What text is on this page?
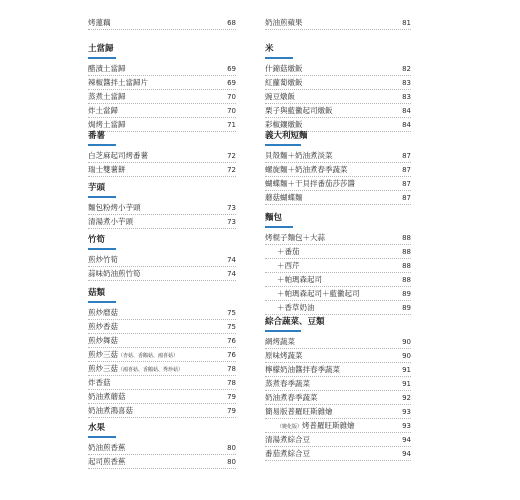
烤蓮藕	68
土當歸
醋漬土當歸	69
辣椒醬拌土當歸片	69
蒸煮土當歸	70
炸土當歸	70
焗烤土當歸	71
番薯
白芝麻起司烤番薯	72
瑞士雙薯餅	72
芋頭
麵包粉烤小芋頭	73
清湯煮小芋頭	73
竹筍
煎炒竹筍	74
蒜味奶油煎竹筍	74
菇類
煎炒磨菇	75
煎炒香菇	75
煎炒舞菇	76
煎炒三菇（杏菇、香鵝菇、鴻喜菇）	76
煎炒三菇（鴻喜菇、香鵝菇、秀珍菇）	78
炸香菇	78
奶油煮蘑菇	79
奶油煮鴻喜菇	79
水果
奶油煎香蕉	80
起司煎香蕉	80
奶油煎蘋果	81
米
什錦菇燉飯	82
紅蘿蔔燉飯	83
豌豆燉飯	83
栗子與藍黴起司燉飯	84
彩椒鑲燉飯	84
義大利短麵
貝殼麵＋奶油煮淡菜	87
螺旋麵＋奶油煮春季蔬菜	87
蝴蝶麵＋干貝拌番茄莎莎醬	87
蘑菇蝴蝶麵	87
麵包
烤棍子麵包＋大蒜	88
＋番茄	88
＋西芹	88
＋帕瑪森起司	88
＋帕瑪森起司＋藍黴起司	89
＋香草奶油	89
綜合蔬菜、豆類
網烤蔬菜	90
原味烤蔬菜	90
檸檬奶油醬拌春季蔬菜	91
蒸煮春季蔬菜	91
奶油煮春季蔬菜	92
簡易版普羅旺斯雜燴	93
（變化版）烤普羅旺斯雜燴	93
清湯煮綜合豆	94
番茄煮綜合豆	94
